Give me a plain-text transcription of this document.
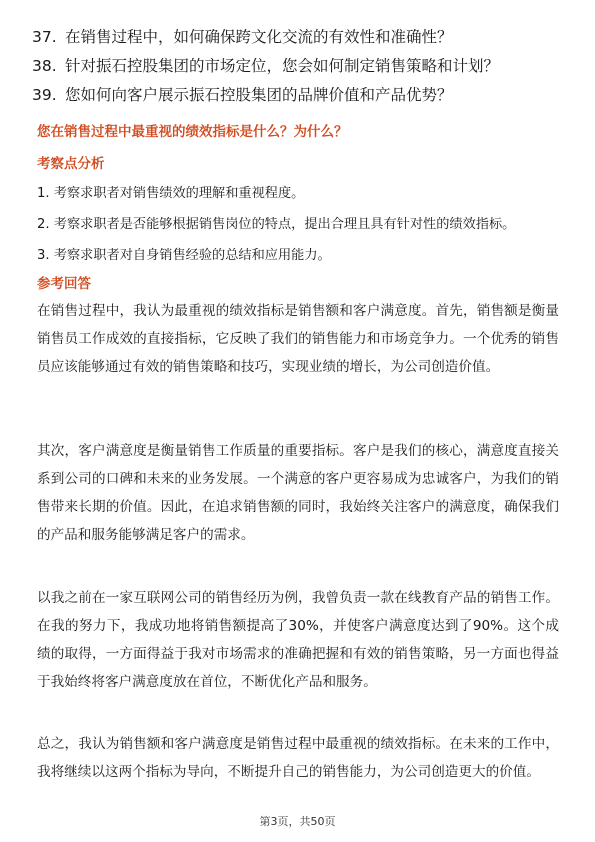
37. 在销售过程中，如何确保跨文化交流的有效性和准确性？
38. 针对振石控股集团的市场定位，您会如何制定销售策略和计划？
39. 您如何向客户展示振石控股集团的品牌价值和产品优势？
您在销售过程中最重视的绩效指标是什么？为什么？
考察点分析
1. 考察求职者对销售绩效的理解和重视程度。
2. 考察求职者是否能够根据销售岗位的特点，提出合理且具有针对性的绩效指标。
3. 考察求职者对自身销售经验的总结和应用能力。
参考回答

在销售过程中，我认为最重视的绩效指标是销售额和客户满意度。首先，销售额是衡量销售员工作成效的直接指标，它反映了我们的销售能力和市场竞争力。一个优秀的销售员应该能够通过有效的销售策略和技巧，实现业绩的增长，为公司创造价值。

其次，客户满意度是衡量销售工作质量的重要指标。客户是我们的核心，满意度直接关系到公司的口碑和未来的业务发展。一个满意的客户更容易成为忠诚客户，为我们的销售带来长期的价值。因此，在追求销售额的同时，我始终关注客户的满意度，确保我们的产品和服务能够满足客户的需求。

以我之前在一家互联网公司的销售经历为例，我曾负责一款在线教育产品的销售工作。在我的努力下，我成功地将销售额提高了30%，并使客户满意度达到了90%。这个成绩的取得，一方面得益于我对市场需求的准确把握和有效的销售策略，另一方面也得益于我始终将客户满意度放在首位，不断优化产品和服务。

总之，我认为销售额和客户满意度是销售过程中最重视的绩效指标。在未来的工作中，我将继续以这两个指标为导向，不断提升自己的销售能力，为公司创造更大的价值。

第3页，共50页
